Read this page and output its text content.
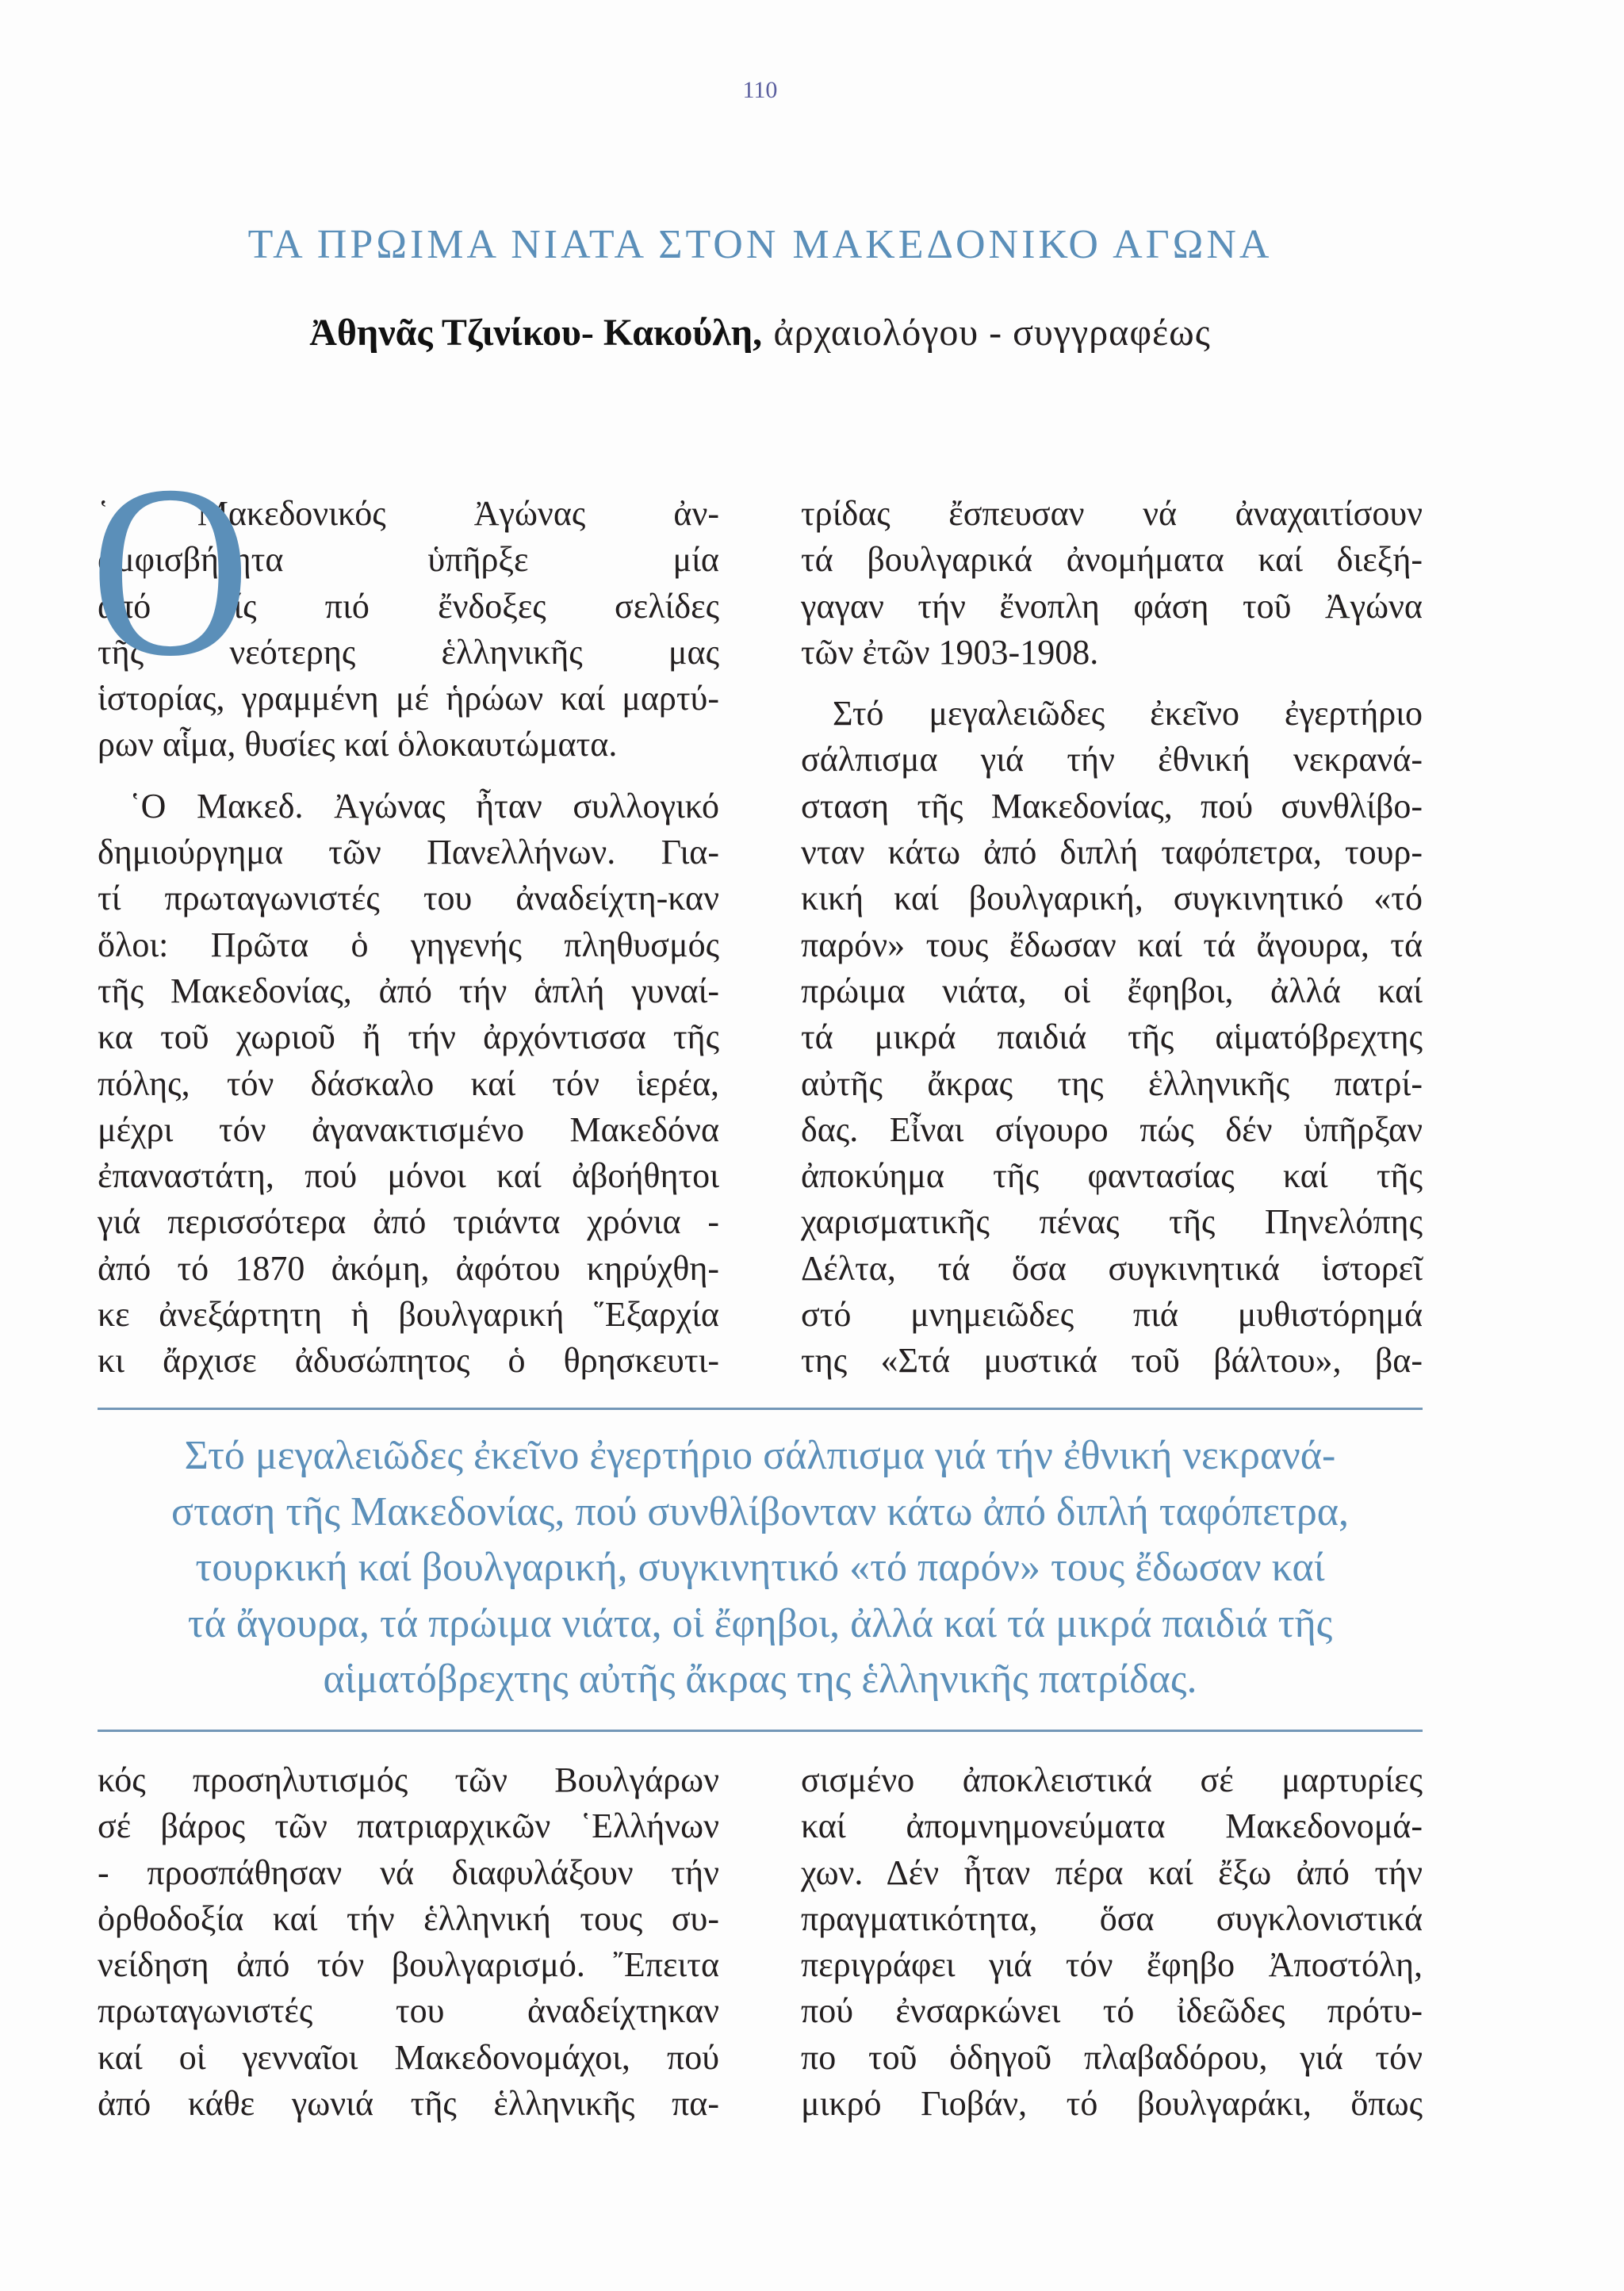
110
ΤΑ ΠΡΩΙΜΑ ΝΙΑΤΑ ΣΤΟΝ ΜΑΚΕΔΟΝΙΚΟ ΑΓΩΝΑ
Ἀθηνᾶς Τζινίκου- Κακούλη, ἀρχαιολόγου - συγγραφέως
Ο
῾ Μακεδονικός Ἀγώνας ἀν-
αμφισβήτητα ὑπῆρξε μία
ἀπό τίς πιό ἔνδοξες σελίδες
τῆς νεότερης ἑλληνικῆς μας
ἱστορίας, γραμμένη μέ ἡρώων καί μαρτύ-
ρων αἷμα, θυσίες καί ὁλοκαυτώματα.
῾Ο Μακεδ. Ἀγώνας ἦταν συλλογικό
δημιούργημα τῶν Πανελλήνων. Για-
τί πρωταγωνιστές του ἀναδείχτη-καν
ὅλοι: Πρῶτα ὁ γηγενής πληθυσμός
τῆς Μακεδονίας, ἀπό τήν ἁπλή γυναί-
κα τοῦ χωριοῦ ἤ τήν ἀρχόντισσα τῆς
πόλης, τόν δάσκαλο καί τόν ἱερέα,
μέχρι τόν ἀγανακτισμένο Μακεδόνα
ἐπαναστάτη, πού μόνοι καί ἀβοήθητοι
γιά περισσότερα ἀπό τριάντα χρόνια -
ἀπό τό 1870 ἀκόμη, ἀφότου κηρύχθη-
κε ἀνεξάρτητη ἡ βουλγαρική ῞Εξαρχία
κι ἄρχισε ἀδυσώπητος ὁ θρησκευτι-
τρίδας ἔσπευσαν νά ἀναχαιτίσουν
τά βουλγαρικά ἀνομήματα καί διεξή-
γαγαν τήν ἔνοπλη φάση τοῦ Ἀγώνα
τῶν ἐτῶν 1903-1908.
Στό μεγαλειῶδες ἐκεῖνο ἐγερτήριο
σάλπισμα γιά τήν ἐθνική νεκρανά-
σταση τῆς Μακεδονίας, πού συνθλίβο-
νταν κάτω ἀπό διπλή ταφόπετρα, τουρ-
κική καί βουλγαρική, συγκινητικό «τό
παρόν» τους ἔδωσαν καί τά ἄγουρα, τά
πρώιμα νιάτα, οἱ ἔφηβοι, ἀλλά καί
τά μικρά παιδιά τῆς αἱματόβρεχτης
αὐτῆς ἄκρας της ἑλληνικῆς πατρί-
δας. Εἶναι σίγουρο πώς δέν ὑπῆρξαν
ἀποκύημα τῆς φαντασίας καί τῆς
χαρισματικῆς πένας τῆς Πηνελόπης
Δέλτα, τά ὅσα συγκινητικά ἱστορεῖ
στό μνημειῶδες πιά μυθιστόρημά
της «Στά μυστικά τοῦ βάλτου», βα-
Στό μεγαλειῶδες ἐκεῖνο ἐγερτήριο σάλπισμα γιά τήν ἐθνική νεκρανά-
σταση τῆς Μακεδονίας, πού συνθλίβονταν κάτω ἀπό διπλή ταφόπετρα,
τουρκική καί βουλγαρική, συγκινητικό «τό παρόν» τους ἔδωσαν καί
τά ἄγουρα, τά πρώιμα νιάτα, οἱ ἔφηβοι, ἀλλά καί τά μικρά παιδιά τῆς
αἱματόβρεχτης αὐτῆς ἄκρας της ἑλληνικῆς πατρίδας.
κός προσηλυτισμός τῶν Βουλγάρων
σέ βάρος τῶν πατριαρχικῶν ῾Ελλήνων
- προσπάθησαν νά διαφυλάξουν τήν
ὀρθοδοξία καί τήν ἑλληνική τους συ-
νείδηση ἀπό τόν βουλγαρισμό. ῎Επειτα
πρωταγωνιστές του ἀναδείχτηκαν
καί οἱ γενναῖοι Μακεδονομάχοι, πού
ἀπό κάθε γωνιά τῆς ἑλληνικῆς πα-
σισμένο ἀποκλειστικά σέ μαρτυρίες
καί ἀπομνημονεύματα Μακεδονομά-
χων. Δέν ἦταν πέρα καί ἔξω ἀπό τήν
πραγματικότητα, ὅσα συγκλονιστικά
περιγράφει γιά τόν ἔφηβο Ἀποστόλη,
πού ἐνσαρκώνει τό ἰδεῶδες πρότυ-
πο τοῦ ὁδηγοῦ πλαβαδόρου, γιά τόν
μικρό Γιοβάν, τό βουλγαράκι, ὅπως
